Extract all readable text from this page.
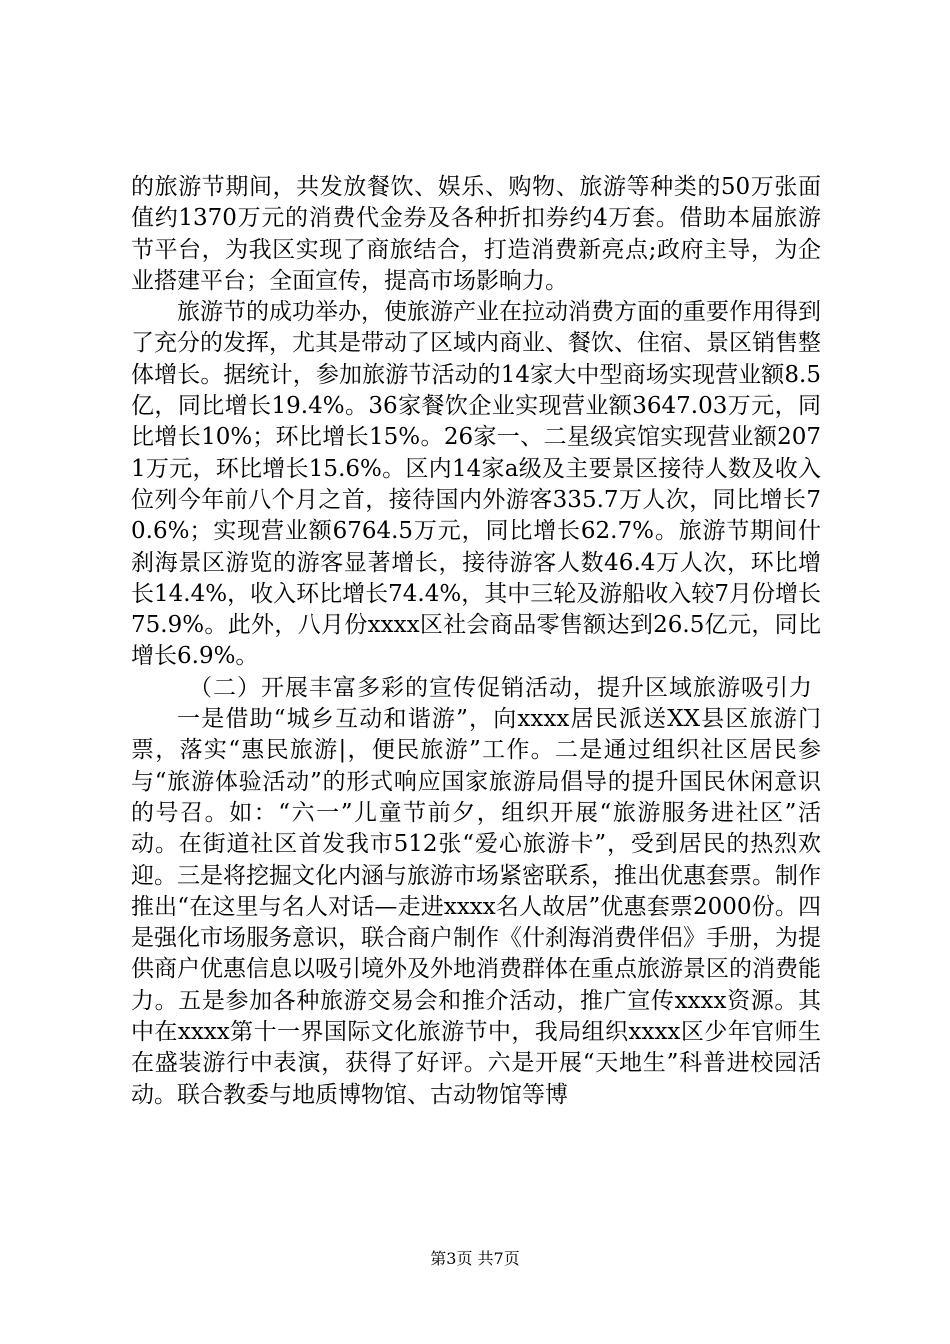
的旅游节期间，共发放餐饮、娱乐、购物、旅游等种类的50万张面值约1370万元的消费代金券及各种折扣券约4万套。借助本届旅游节平台，为我区实现了商旅结合，打造消费新亮点;政府主导，为企业搭建平台；全面宣传，提高市场影晌力。

旅游节的成功举办，使旅游产业在拉动消费方面的重要作用得到了充分的发挥，尤其是带动了区域内商业、餐饮、住宿、景区销售整体增长。据统计，参加旅游节活动的14家大中型商场实现营业额8.5亿，同比增长19.4%。36家餐饮企业实现营业额3647.03万元，同比增长10%；环比增长15%。26家一、二星级宾馆实现营业额2071万元，环比增长15.6%。区内14家a级及主要景区接待人数及收入位列今年前八个月之首，接待国内外游客335.7万人次，同比增长70.6%；实现营业额6764.5万元，同比增长62.7%。旅游节期间什刹海景区游览的游客显著增长，接待游客人数46.4万人次，环比增长14.4%，收入环比增长74.4%，其中三轮及游船收入较7月份增长75.9%。此外，八月份xxxx区社会商品零售额达到26.5亿元，同比增长6.9%。

（二）开展丰富多彩的宣传促销活动，提升区域旅游吸引力

一是借助“城乡互动和谐游”，向xxxx居民派送XX县区旅游门票，落实“惠民旅游|，便民旅游”工作。二是通过组织社区居民参与“旅游体验活动”的形式响应国家旅游局倡导的提升国民休闲意识的号召。如：“六一”儿童节前夕，组织开展“旅游服务进社区”活动。在街道社区首发我市512张“爱心旅游卡”，受到居民的热烈欢迎。三是将挖掘文化内涵与旅游市场紧密联系，推出优惠套票。制作推出“在这里与名人对话—走进xxxx名人故居”优惠套票2000份。四是强化市场服务意识，联合商户制作《什刹海消费伴侣》手册，为提供商户优惠信息以吸引境外及外地消费群体在重点旅游景区的消费能力。五是参加各种旅游交易会和推介活动，推广宣传xxxx资源。其中在xxxx第十一界国际文化旅游节中，我局组织xxxx区少年官师生在盛装游行中表演，获得了好评。六是开展“天地生”科普进校园活动。联合教委与地质博物馆、古动物馆等博

第3页 共7页
